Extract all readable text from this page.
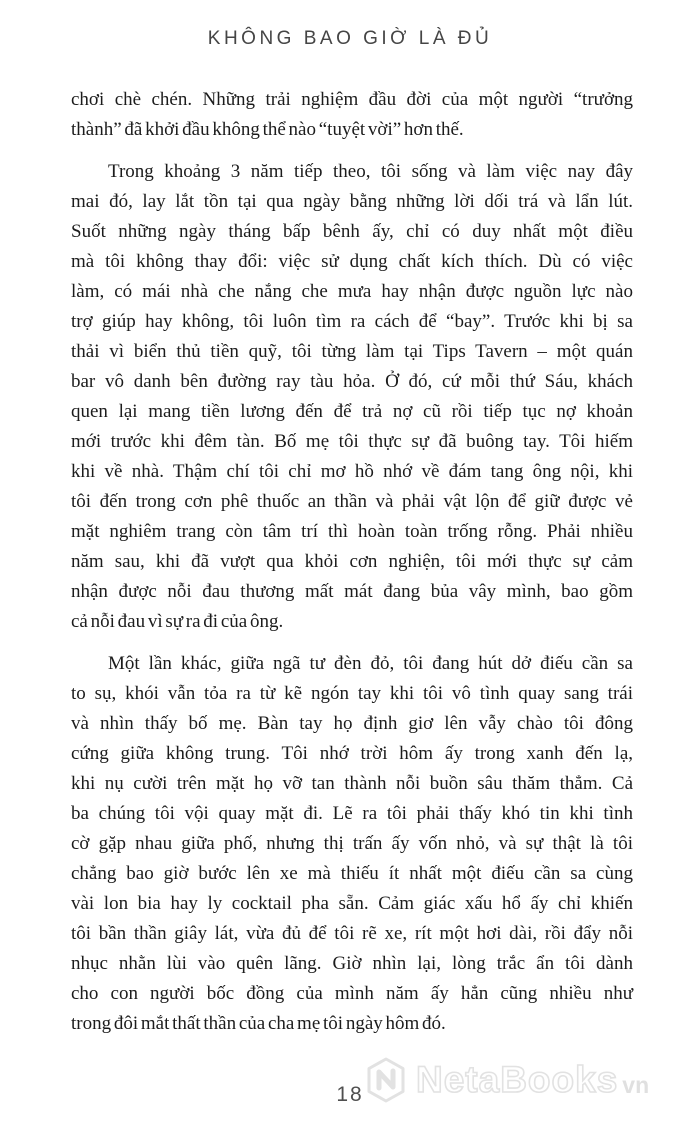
KHÔNG BAO GIỜ LÀ ĐỦ

chơi chè chén. Những trải nghiệm đầu đời của một người “trưởng
thành” đã khởi đầu không thể nào “tuyệt vời” hơn thế.

Trong khoảng 3 năm tiếp theo, tôi sống và làm việc nay đây
mai đó, lay lắt tồn tại qua ngày bằng những lời dối trá và lẩn lút.
Suốt những ngày tháng bấp bênh ấy, chỉ có duy nhất một điều
mà tôi không thay đổi: việc sử dụng chất kích thích. Dù có việc
làm, có mái nhà che nắng che mưa hay nhận được nguồn lực nào
trợ giúp hay không, tôi luôn tìm ra cách để “bay”. Trước khi bị sa
thải vì biển thủ tiền quỹ, tôi từng làm tại Tips Tavern – một quán
bar vô danh bên đường ray tàu hỏa. Ở đó, cứ mỗi thứ Sáu, khách
quen lại mang tiền lương đến để trả nợ cũ rồi tiếp tục nợ khoản
mới trước khi đêm tàn. Bố mẹ tôi thực sự đã buông tay. Tôi hiếm
khi về nhà. Thậm chí tôi chỉ mơ hồ nhớ về đám tang ông nội, khi
tôi đến trong cơn phê thuốc an thần và phải vật lộn để giữ được vẻ
mặt nghiêm trang còn tâm trí thì hoàn toàn trống rỗng. Phải nhiều
năm sau, khi đã vượt qua khỏi cơn nghiện, tôi mới thực sự cảm
nhận được nỗi đau thương mất mát đang bủa vây mình, bao gồm
cả nỗi đau vì sự ra đi của ông.

Một lần khác, giữa ngã tư đèn đỏ, tôi đang hút dở điếu cần sa
to sụ, khói vẫn tỏa ra từ kẽ ngón tay khi tôi vô tình quay sang trái
và nhìn thấy bố mẹ. Bàn tay họ định giơ lên vẫy chào tôi đông
cứng giữa không trung. Tôi nhớ trời hôm ấy trong xanh đến lạ,
khi nụ cười trên mặt họ vỡ tan thành nỗi buồn sâu thăm thẳm. Cả
ba chúng tôi vội quay mặt đi. Lẽ ra tôi phải thấy khó tin khi tình
cờ gặp nhau giữa phố, nhưng thị trấn ấy vốn nhỏ, và sự thật là tôi
chẳng bao giờ bước lên xe mà thiếu ít nhất một điếu cần sa cùng
vài lon bia hay ly cocktail pha sẵn. Cảm giác xấu hổ ấy chỉ khiến
tôi bần thần giây lát, vừa đủ để tôi rẽ xe, rít một hơi dài, rồi đẩy nỗi
nhục nhằn lùi vào quên lãng. Giờ nhìn lại, lòng trắc ẩn tôi dành
cho con người bốc đồng của mình năm ấy hẳn cũng nhiều như
trong đôi mắt thất thần của cha mẹ tôi ngày hôm đó.

18	NetaBooks vn
